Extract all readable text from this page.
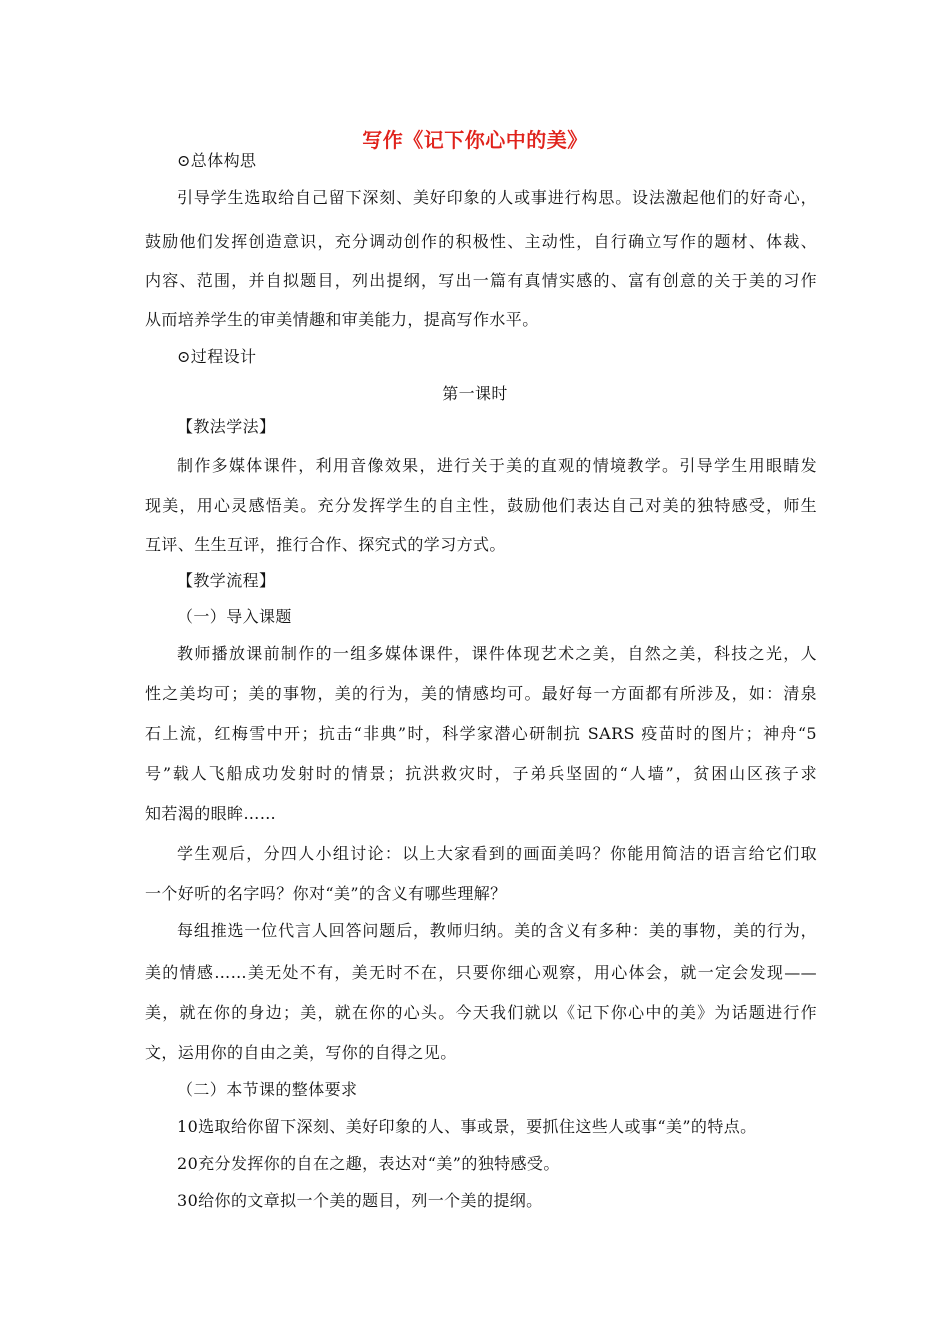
写作《记下你心中的美》
⊙总体构思
引导学生选取给自己留下深刻、美好印象的人或事进行构思。设法激起他们的好奇心，
鼓励他们发挥创造意识，充分调动创作的积极性、主动性，自行确立写作的题材、体裁、
内容、范围，并自拟题目，列出提纲，写出一篇有真情实感的、富有创意的关于美的习作
从而培养学生的审美情趣和审美能力，提高写作水平。
⊙过程设计
第一课时
【教法学法】
制作多媒体课件，利用音像效果，进行关于美的直观的情境教学。引导学生用眼睛发
现美，用心灵感悟美。充分发挥学生的自主性，鼓励他们表达自己对美的独特感受，师生
互评、生生互评，推行合作、探究式的学习方式。
【教学流程】
（一）导入课题
教师播放课前制作的一组多媒体课件，课件体现艺术之美，自然之美，科技之光，人
性之美均可；美的事物，美的行为，美的情感均可。最好每一方面都有所涉及，如：清泉
石上流，红梅雪中开；抗击“非典”时，科学家潜心研制抗 SARS 疫苗时的图片；神舟“5
号”载人飞船成功发射时的情景；抗洪救灾时，子弟兵坚固的“人墙”，贫困山区孩子求
知若渴的眼眸……
学生观后，分四人小组讨论：以上大家看到的画面美吗？你能用简洁的语言给它们取
一个好听的名字吗？你对“美”的含义有哪些理解？
每组推选一位代言人回答问题后，教师归纳。美的含义有多种：美的事物，美的行为，
美的情感……美无处不有，美无时不在，只要你细心观察，用心体会，就一定会发现——
美，就在你的身边；美，就在你的心头。今天我们就以《记下你心中的美》为话题进行作
文，运用你的自由之美，写你的自得之见。
（二）本节课的整体要求
10选取给你留下深刻、美好印象的人、事或景，要抓住这些人或事“美”的特点。
20充分发挥你的自在之趣，表达对“美”的独特感受。
30给你的文章拟一个美的题目，列一个美的提纲。
